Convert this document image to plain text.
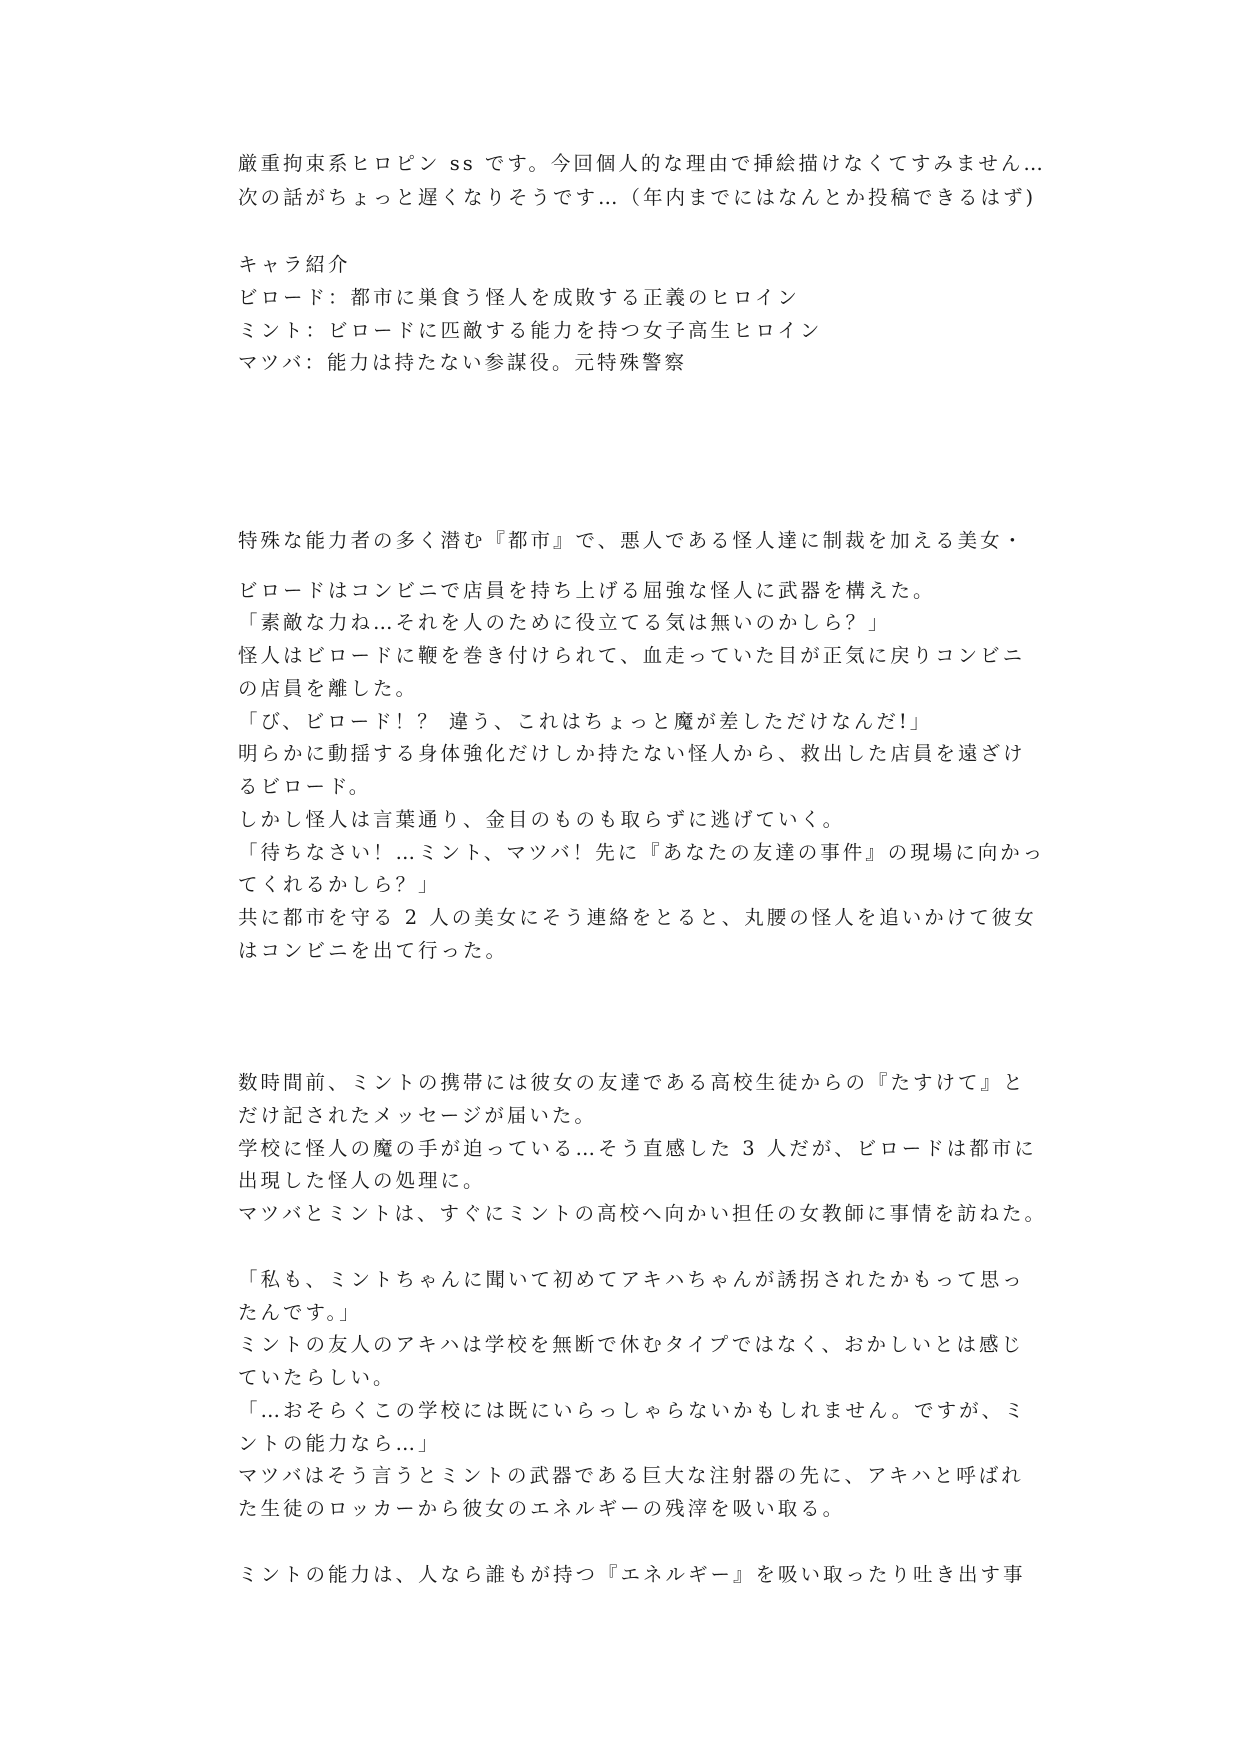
厳重拘束系ヒロピン ss です。今回個人的な理由で挿絵描けなくてすみません…
次の話がちょっと遅くなりそうです…（年内までにはなんとか投稿できるはず)
キャラ紹介
ビロード：都市に巣食う怪人を成敗する正義のヒロイン
ミント：ビロードに匹敵する能力を持つ女子高生ヒロイン
マツバ：能力は持たない参謀役。元特殊警察
特殊な能力者の多く潜む『都市』で、悪人である怪人達に制裁を加える美女・
ビロードはコンビニで店員を持ち上げる屈強な怪人に武器を構えた。
「素敵な力ね…それを人のために役立てる気は無いのかしら？」
怪人はビロードに鞭を巻き付けられて、血走っていた目が正気に戻りコンビニ
の店員を離した。
「び、ビロード！？ 違う、これはちょっと魔が差しただけなんだ!」
明らかに動揺する身体強化だけしか持たない怪人から、救出した店員を遠ざけ
るビロード。
しかし怪人は言葉通り、金目のものも取らずに逃げていく。
「待ちなさい！…ミント、マツバ！先に『あなたの友達の事件』の現場に向かっ
てくれるかしら？」
共に都市を守る 2 人の美女にそう連絡をとると、丸腰の怪人を追いかけて彼女
はコンビニを出て行った。
数時間前、ミントの携帯には彼女の友達である高校生徒からの『たすけて』と
だけ記されたメッセージが届いた。
学校に怪人の魔の手が迫っている…そう直感した 3 人だが、ビロードは都市に
出現した怪人の処理に。
マツバとミントは、すぐにミントの高校へ向かい担任の女教師に事情を訪ねた。
「私も、ミントちゃんに聞いて初めてアキハちゃんが誘拐されたかもって思っ
たんです。」
ミントの友人のアキハは学校を無断で休むタイプではなく、おかしいとは感じ
ていたらしい。
「…おそらくこの学校には既にいらっしゃらないかもしれません。ですが、ミ
ントの能力なら…」
マツバはそう言うとミントの武器である巨大な注射器の先に、アキハと呼ばれ
た生徒のロッカーから彼女のエネルギーの残滓を吸い取る。
ミントの能力は、人なら誰もが持つ『エネルギー』を吸い取ったり吐き出す事
